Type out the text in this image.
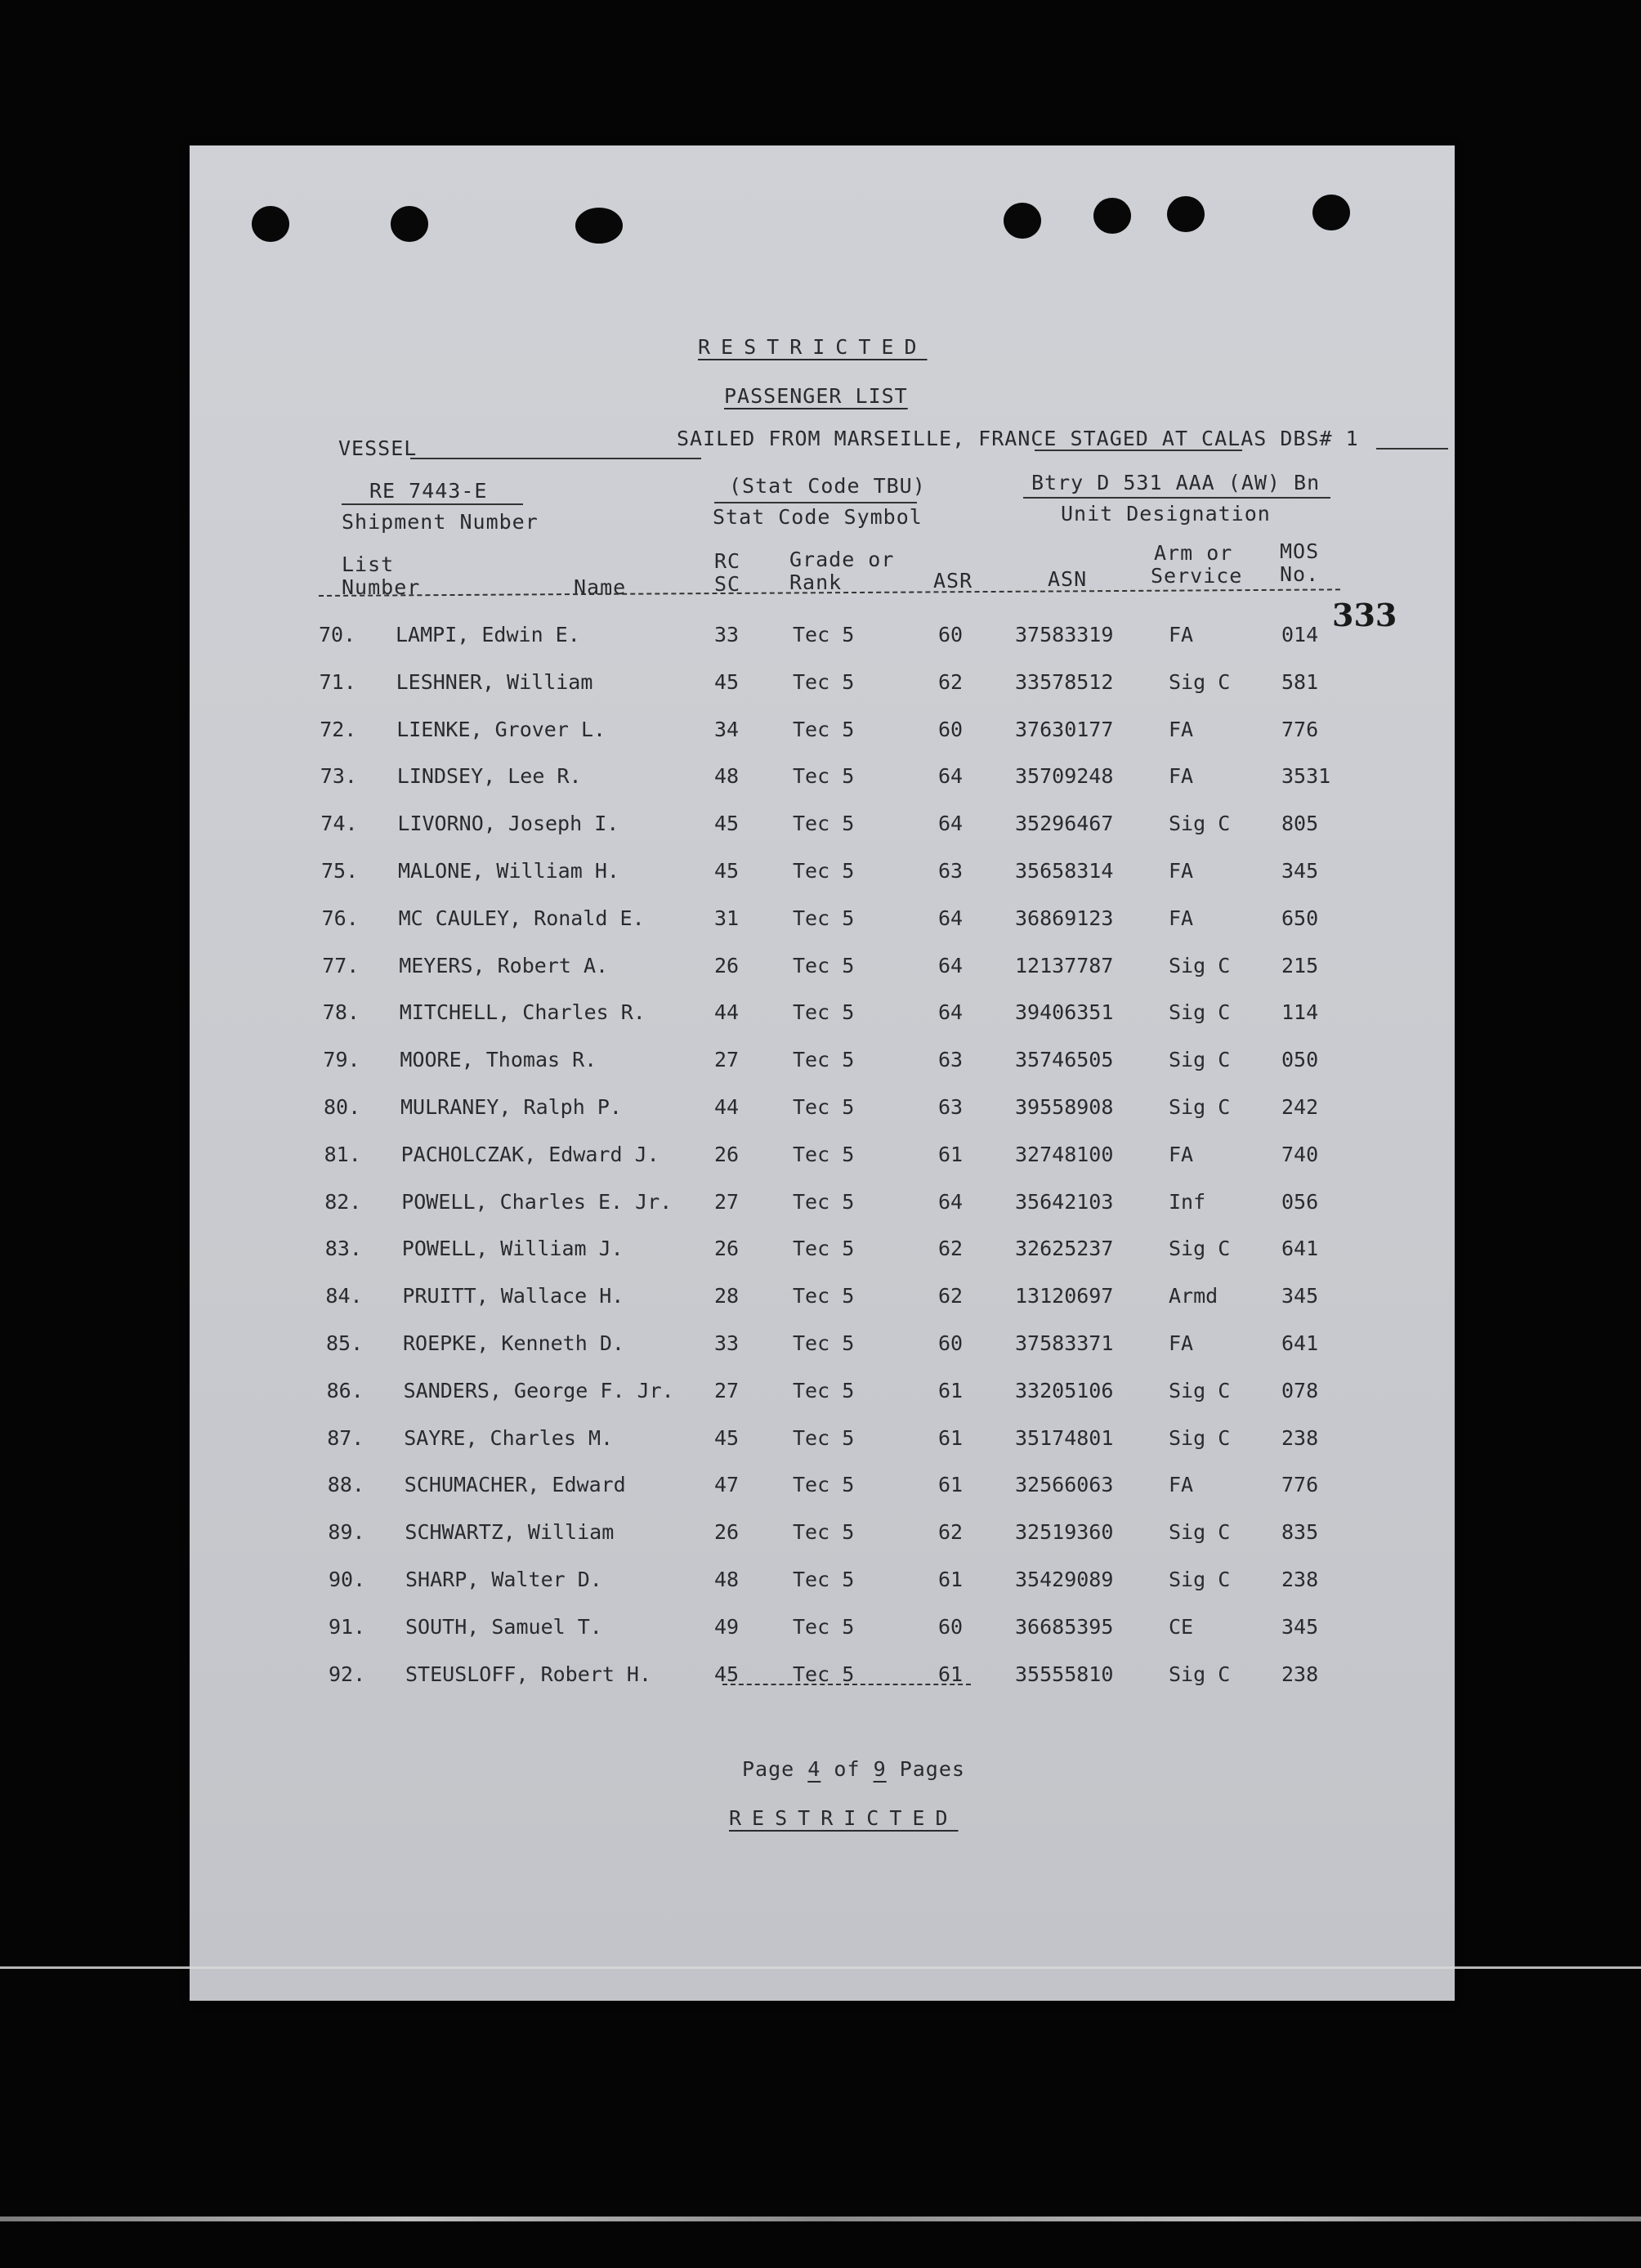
RESTRICTED
PASSENGER LIST
VESSEL	SAILED FROM MARSEILLE, FRANCE STAGED AT CALAS DBS# 1
RE 7443-E
Shipment Number
(Stat Code TBU)
Stat Code Symbol
Btry D 531 AAA (AW) Bn
Unit Designation
List
Number	Name
RC
SC
Grade or
Rank	ASR	ASN
Arm or
Service
MOS
No.
333
70. LAMPI, Edwin E.	33	Tec 5	60	37583319	FA	014
71. LESHNER, William	45	Tec 5	62	33578512	Sig C	581
72. LIENKE, Grover L.	34	Tec 5	60	37630177	FA	776
73. LINDSEY, Lee R.	48	Tec 5	64	35709248	FA	3531
74. LIVORNO, Joseph I.	45	Tec 5	64	35296467	Sig C	805
75. MALONE, William H.	45	Tec 5	63	35658314	FA	345
76. MC CAULEY, Ronald E.	31	Tec 5	64	36869123	FA	650
77. MEYERS, Robert A.	26	Tec 5	64	12137787	Sig C	215
78. MITCHELL, Charles R.	44	Tec 5	64	39406351	Sig C	114
79. MOORE, Thomas R.	27	Tec 5	63	35746505	Sig C	050
80. MULRANEY, Ralph P.	44	Tec 5	63	39558908	Sig C	242
81. PACHOLCZAK, Edward J.	26	Tec 5	61	32748100	FA	740
82. POWELL, Charles E. Jr. 27	Tec 5	64	35642103	Inf	056
83. POWELL, William J.	26	Tec 5	62	32625237	Sig C	641
84. PRUITT, Wallace H.	28	Tec 5	62	13120697	Armd	345
85. ROEPKE, Kenneth D.	33	Tec 5	60	37583371	FA	641
86. SANDERS, George F. Jr. 27	Tec 5	61	33205106	Sig C	078
87. SAYRE, Charles M.	45	Tec 5	61	35174801	Sig C	238
88. SCHUMACHER, Edward	47	Tec 5	61	32566063	FA	776
89. SCHWARTZ, William	26	Tec 5	62	32519360	Sig C	835
90. SHARP, Walter D.	48	Tec 5	61	35429089	Sig C	238
91. SOUTH, Samuel T.	49	Tec 5	60	36685395	CE	345
92. STEUSLOFF, Robert H.	45	Tec 5	61	35555810	Sig C	238
Page 4 of 9 Pages
RESTRICTED
